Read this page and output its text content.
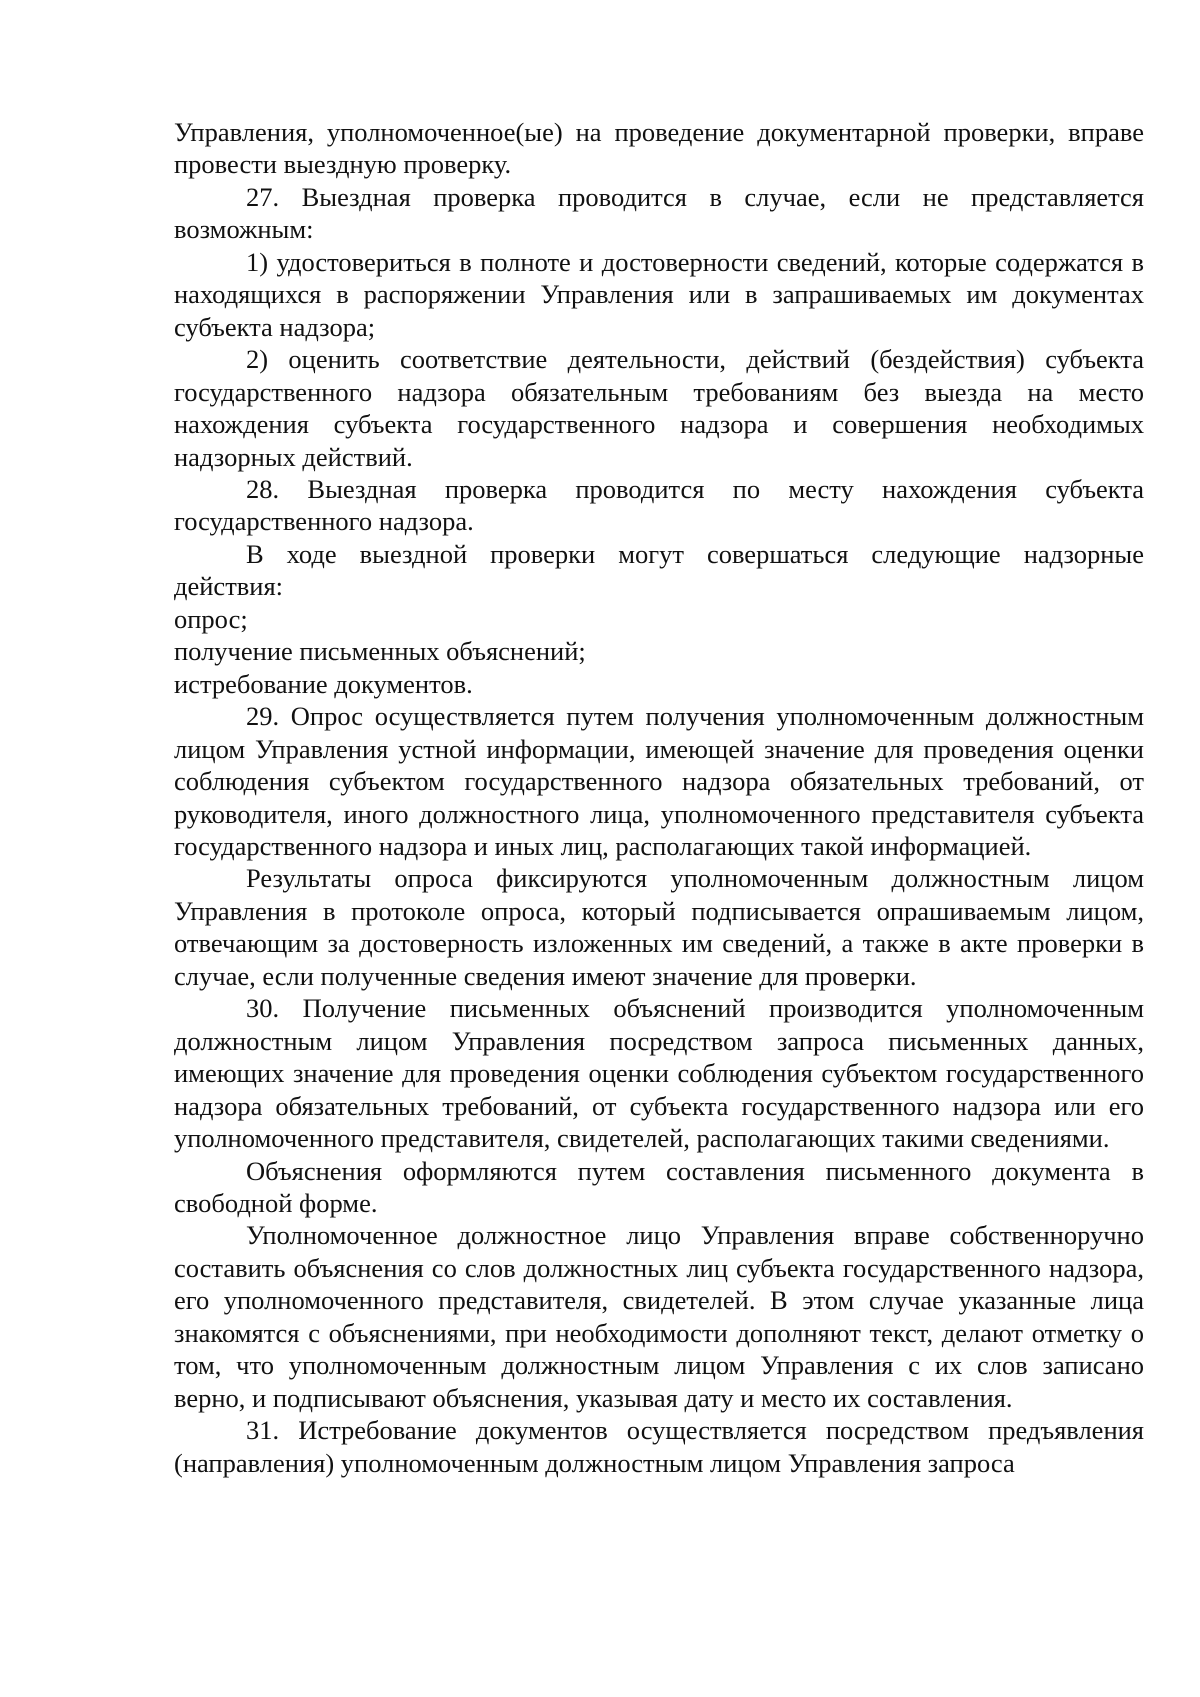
Управления, уполномоченное(ые) на проведение документарной проверки, вправе провести выездную проверку.

27. Выездная проверка проводится в случае, если не представляется возможным:

1) удостовериться в полноте и достоверности сведений, которые содержатся в находящихся в распоряжении Управления или в запрашиваемых им документах субъекта надзора;

2) оценить соответствие деятельности, действий (бездействия) субъекта государственного надзора обязательным требованиям без выезда на место нахождения субъекта государственного надзора и совершения необходимых надзорных действий.

28. Выездная проверка проводится по месту нахождения субъекта государственного надзора.

В ходе выездной проверки могут совершаться следующие надзорные действия:

опрос;

получение письменных объяснений;

истребование документов.

29. Опрос осуществляется путем получения уполномоченным должностным лицом Управления устной информации, имеющей значение для проведения оценки соблюдения субъектом государственного надзора обязательных требований, от руководителя, иного должностного лица, уполномоченного представителя субъекта государственного надзора и иных лиц, располагающих такой информацией.

Результаты опроса фиксируются уполномоченным должностным лицом Управления в протоколе опроса, который подписывается опрашиваемым лицом, отвечающим за достоверность изложенных им сведений, а также в акте проверки в случае, если полученные сведения имеют значение для проверки.

30. Получение письменных объяснений производится уполномоченным должностным лицом Управления посредством запроса письменных данных, имеющих значение для проведения оценки соблюдения субъектом государственного надзора обязательных требований, от субъекта государственного надзора или его уполномоченного представителя, свидетелей, располагающих такими сведениями.

Объяснения оформляются путем составления письменного документа в свободной форме.

Уполномоченное должностное лицо Управления вправе собственноручно составить объяснения со слов должностных лиц субъекта государственного надзора, его уполномоченного представителя, свидетелей. В этом случае указанные лица знакомятся с объяснениями, при необходимости дополняют текст, делают отметку о том, что уполномоченным должностным лицом Управления с их слов записано верно, и подписывают объяснения, указывая дату и место их составления.

31. Истребование документов осуществляется посредством предъявления (направления) уполномоченным должностным лицом Управления запроса
